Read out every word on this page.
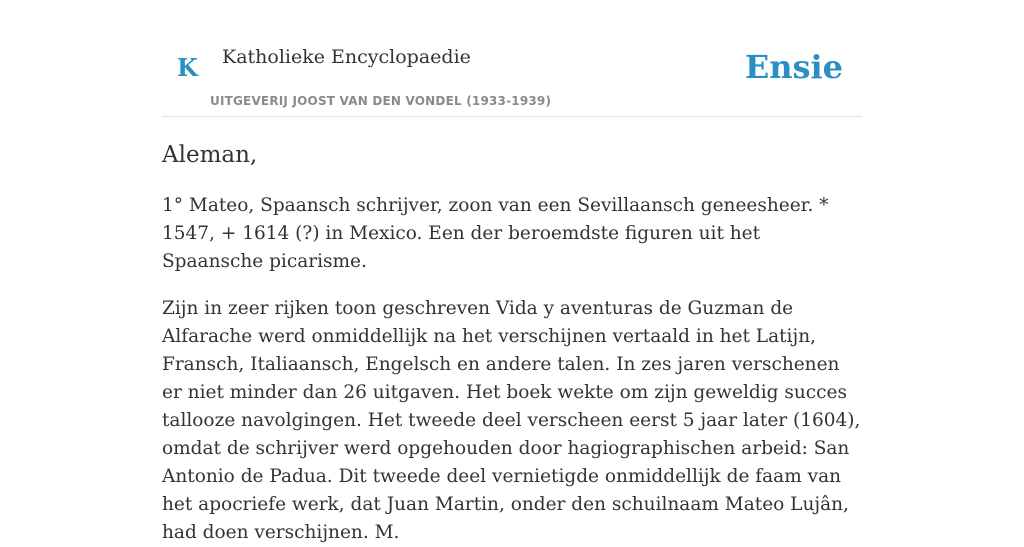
K Katholieke Encyclopaedie
UITGEVERIJ JOOST VAN DEN VONDEL (1933-1939)
Ensie
Aleman,

1° Mateo, Spaansch schrijver, zoon van een Sevillaansch geneesheer. * 1547, + 1614 (?) in Mexico. Een der beroemdste figuren uit het Spaansche picarisme.

Zijn in zeer rijken toon geschreven Vida y aventuras de Guzman de Alfarache werd onmiddellijk na het verschijnen vertaald in het Latijn, Fransch, Italiaansch, Engelsch en andere talen. In zes jaren verschenen er niet minder dan 26 uitgaven. Het boek wekte om zijn geweldig succes tallooze navolgingen. Het tweede deel verscheen eerst 5 jaar later (1604), omdat de schrijver werd opgehouden door hagiographischen arbeid: San Antonio de Padua. Dit tweede deel vernietigde onmiddellijk de faam van het apocriefe werk, dat Juan Martin, onder den schuilnaam Mateo Lujân, had doen verschijnen. M.
